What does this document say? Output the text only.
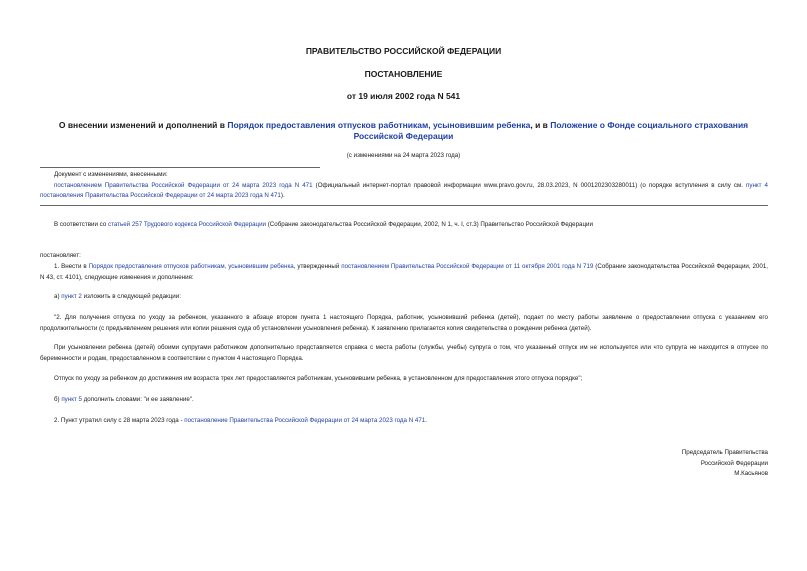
ПРАВИТЕЛЬСТВО РОССИЙСКОЙ ФЕДЕРАЦИИ
ПОСТАНОВЛЕНИЕ
от 19 июля 2002 года N 541
О внесении изменений и дополнений в Порядок предоставления отпусков работникам, усыновившим ребенка, и в Положение о Фонде социального страхования Российской Федерации
(с изменениями на 24 марта 2023 года)
Документ с изменениями, внесенными:
постановлением Правительства Российской Федерации от 24 марта 2023 года N 471 (Официальный интернет-портал правовой информации www.pravo.gov.ru, 28.03.2023, N 0001202303280011) (о порядке вступления в силу см. пункт 4 постановления Правительства Российской Федерации от 24 марта 2023 года N 471).
В соответствии со статьей 257 Трудового кодекса Российской Федерации (Собрание законодательства Российской Федерации, 2002, N 1, ч. I, ст.3) Правительство Российской Федерации
постановляет:
1. Внести в Порядок предоставления отпусков работникам, усыновившим ребенка, утвержденный постановлением Правительства Российской Федерации от 11 октября 2001 года N 719 (Собрание законодательства Российской Федерации, 2001, N 43, ст. 4101), следующие изменения и дополнения:
а) пункт 2 изложить в следующей редакции:
"2. Для получения отпуска по уходу за ребенком, указанного в абзаце втором пункта 1 настоящего Порядка, работник, усыновивший ребенка (детей), подает по месту работы заявление о предоставлении отпуска с указанием его продолжительности (с предъявлением решения или копии решения суда об установлении усыновления ребенка). К заявлению прилагается копия свидетельства о рождении ребенка (детей).
При усыновлении ребенка (детей) обоими супругами работником дополнительно представляется справка с места работы (службы, учебы) супруга о том, что указанный отпуск им не используется или что супруга не находится в отпуске по беременности и родам, предоставленном в соответствии с пунктом 4 настоящего Порядка.
Отпуск по уходу за ребенком до достижения им возраста трех лет предоставляется работникам, усыновившим ребенка, в установленном для предоставления этого отпуска порядке";
б) пункт 5 дополнить словами: "и ее заявление".
2. Пункт утратил силу с 28 марта 2023 года - постановление Правительства Российской Федерации от 24 марта 2023 года N 471.
Председатель Правительства
Российской Федерации
М.Касьянов
